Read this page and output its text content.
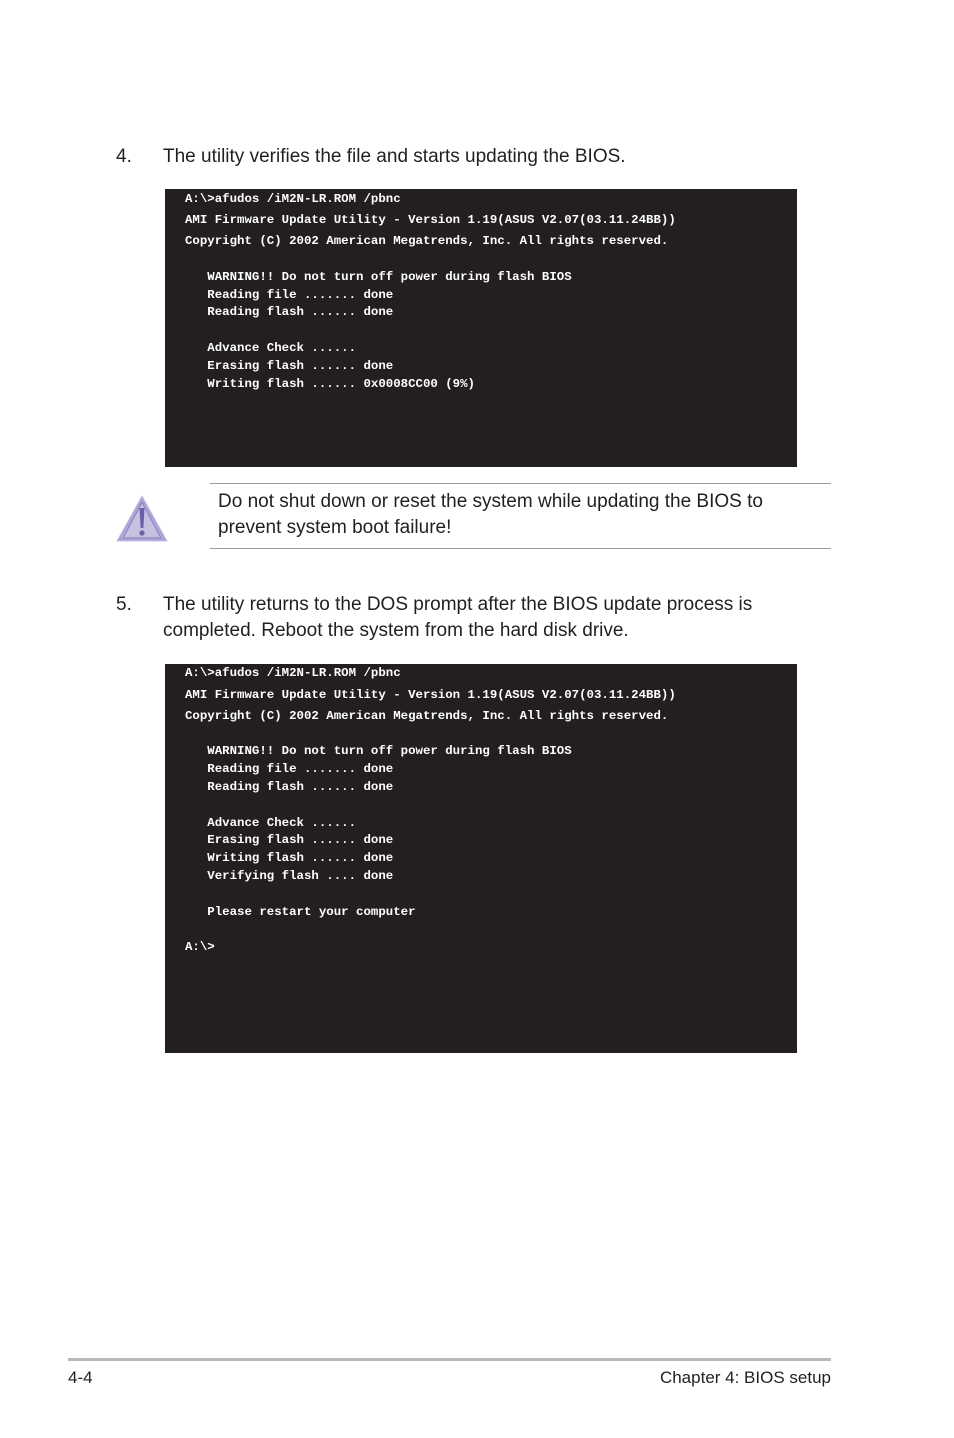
4. The utility verifies the file and starts updating the BIOS.
A:\>afudos /iM2N-LR.ROM /pbnc
AMI Firmware Update Utility - Version 1.19(ASUS V2.07(03.11.24BB))
Copyright (C) 2002 American Megatrends, Inc. All rights reserved.
WARNING!! Do not turn off power during flash BIOS
Reading file ....... done
Reading flash ...... done
Advance Check ......
Erasing flash ...... done
Writing flash ...... 0x0008CC00 (9%)
Do not shut down or reset the system while updating the BIOS to prevent system boot failure!
5. The utility returns to the DOS prompt after the BIOS update process is completed. Reboot the system from the hard disk drive.
A:\>afudos /iM2N-LR.ROM /pbnc
AMI Firmware Update Utility - Version 1.19(ASUS V2.07(03.11.24BB))
Copyright (C) 2002 American Megatrends, Inc. All rights reserved.
WARNING!! Do not turn off power during flash BIOS
Reading file ....... done
Reading flash ...... done
Advance Check ......
Erasing flash ...... done
Writing flash ...... done
Verifying flash .... done
Please restart your computer
A:\>
4-4	Chapter 4: BIOS setup
